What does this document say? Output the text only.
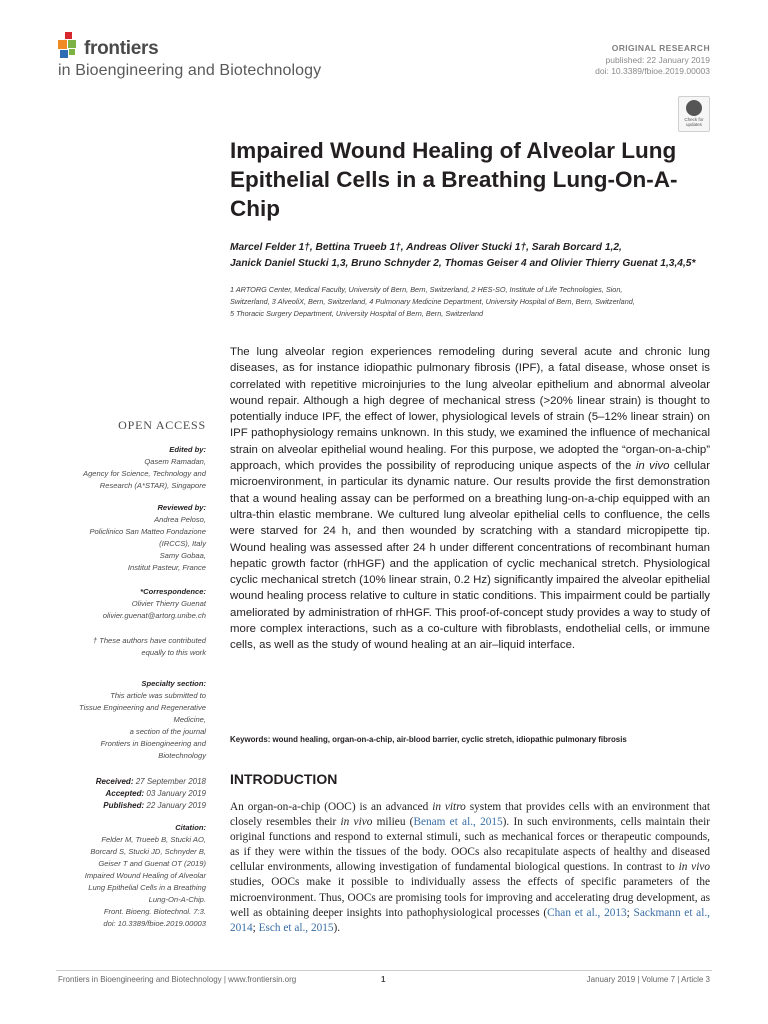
frontiers
in Bioengineering and Biotechnology
ORIGINAL RESEARCH
published: 22 January 2019
doi: 10.3389/fbioe.2019.00003
Check for updates
Impaired Wound Healing of Alveolar Lung Epithelial Cells in a Breathing Lung-On-A-Chip
Marcel Felder 1†, Bettina Trueeb 1†, Andreas Oliver Stucki 1†, Sarah Borcard 1,2,
Janick Daniel Stucki 1,3, Bruno Schnyder 2, Thomas Geiser 4 and Olivier Thierry Guenat 1,3,4,5*
1 ARTORG Center, Medical Faculty, University of Bern, Bern, Switzerland, 2 HES-SO, Institute of Life Technologies, Sion,
Switzerland, 3 AlveoliX, Bern, Switzerland, 4 Pulmonary Medicine Department, University Hospital of Bern, Bern, Switzerland,
5 Thoracic Surgery Department, University Hospital of Bern, Bern, Switzerland
OPEN ACCESS
Edited by:
Qasem Ramadan,
Agency for Science, Technology and
Research (A*STAR), Singapore
Reviewed by:
Andrea Peloso,
Policlinico San Matteo Fondazione
(IRCCS), Italy
Samy Gobaa,
Institut Pasteur, France
*Correspondence:
Olivier Thierry Guenat
olivier.guenat@artorg.unibe.ch
† These authors have contributed
equally to this work
Specialty section:
This article was submitted to
Tissue Engineering and Regenerative
Medicine,
a section of the journal
Frontiers in Bioengineering and
Biotechnology
Received: 27 September 2018
Accepted: 03 January 2019
Published: 22 January 2019
Citation:
Felder M, Trueeb B, Stucki AO,
Borcard S, Stucki JD, Schnyder B,
Geiser T and Guenat OT (2019)
Impaired Wound Healing of Alveolar
Lung Epithelial Cells in a Breathing
Lung-On-A-Chip.
Front. Bioeng. Biotechnol. 7:3.
doi: 10.3389/fbioe.2019.00003
The lung alveolar region experiences remodeling during several acute and chronic lung diseases, as for instance idiopathic pulmonary fibrosis (IPF), a fatal disease, whose onset is correlated with repetitive microinjuries to the lung alveolar epithelium and abnormal alveolar wound repair. Although a high degree of mechanical stress (>20% linear strain) is thought to potentially induce IPF, the effect of lower, physiological levels of strain (5–12% linear strain) on IPF pathophysiology remains unknown. In this study, we examined the influence of mechanical strain on alveolar epithelial wound healing. For this purpose, we adopted the “organ-on-a-chip” approach, which provides the possibility of reproducing unique aspects of the in vivo cellular microenvironment, in particular its dynamic nature. Our results provide the first demonstration that a wound healing assay can be performed on a breathing lung-on-a-chip equipped with an ultra-thin elastic membrane. We cultured lung alveolar epithelial cells to confluence, the cells were starved for 24 h, and then wounded by scratching with a standard micropipette tip. Wound healing was assessed after 24 h under different concentrations of recombinant human hepatic growth factor (rhHGF) and the application of cyclic mechanical stretch. Physiological cyclic mechanical stretch (10% linear strain, 0.2 Hz) significantly impaired the alveolar epithelial wound healing process relative to culture in static conditions. This impairment could be partially ameliorated by administration of rhHGF. This proof-of-concept study provides a way to study of more complex interactions, such as a co-culture with fibroblasts, endothelial cells, or immune cells, as well as the study of wound healing at an air–liquid interface.
Keywords: wound healing, organ-on-a-chip, air-blood barrier, cyclic stretch, idiopathic pulmonary fibrosis
INTRODUCTION
An organ-on-a-chip (OOC) is an advanced in vitro system that provides cells with an environment that closely resembles their in vivo milieu (Benam et al., 2015). In such environments, cells maintain their original functions and respond to external stimuli, such as mechanical forces or therapeutic compounds, as if they were within the tissues of the body. OOCs also recapitulate aspects of healthy and diseased cellular environments, allowing investigation of fundamental biological questions. In contrast to in vivo studies, OOCs make it possible to individually assess the effects of specific parameters of the microenvironment. Thus, OOCs are promising tools for improving and accelerating drug development, as well as obtaining deeper insights into pathophysiological processes (Chan et al., 2013; Sackmann et al., 2014; Esch et al., 2015).
Frontiers in Bioengineering and Biotechnology | www.frontiersin.org	1	January 2019 | Volume 7 | Article 3
